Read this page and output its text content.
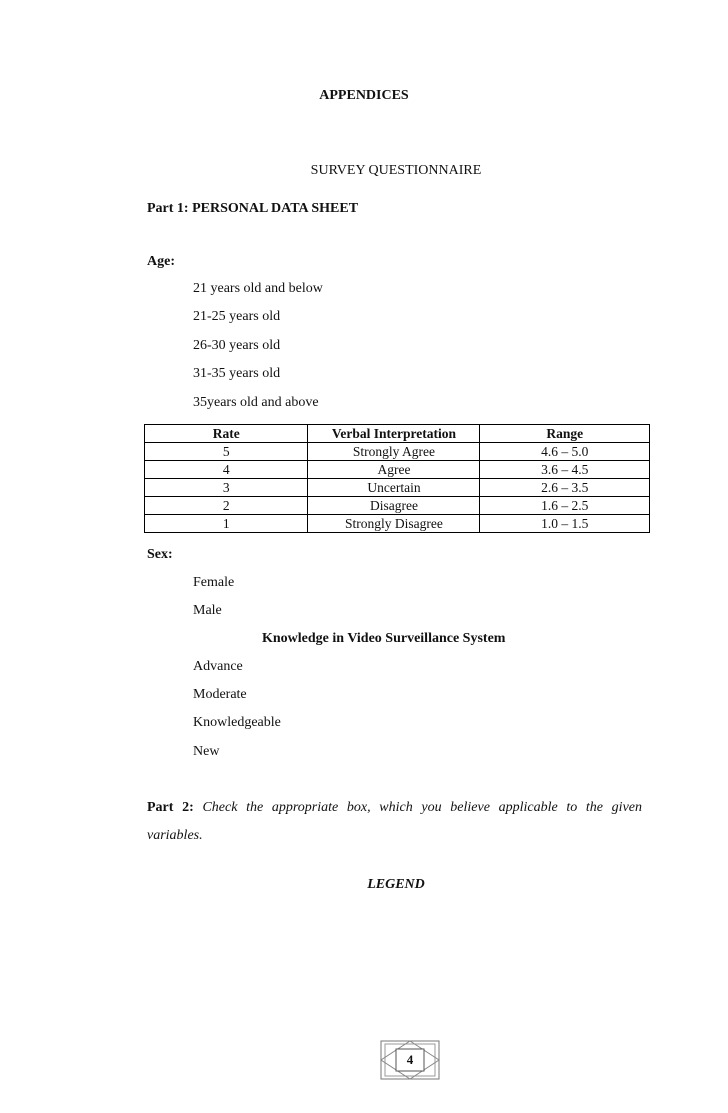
APPENDICES
SURVEY QUESTIONNAIRE
Part 1: PERSONAL DATA SHEET
Age:
21 years old and below
21-25 years old
26-30 years old
31-35 years old
35years old and above
Rate	Verbal Interpretation	Range
5	Strongly Agree	4.6 – 5.0
4	Agree	3.6 – 4.5
3	Uncertain	2.6 – 3.5
2	Disagree	1.6 – 2.5
1	Strongly Disagree	1.0 – 1.5
Sex:
Female
Male
Knowledge in Video Surveillance System
Advance
Moderate
Knowledgeable
New
Part 2: Check the appropriate box, which you believe applicable to the given
variables.
LEGEND
4
